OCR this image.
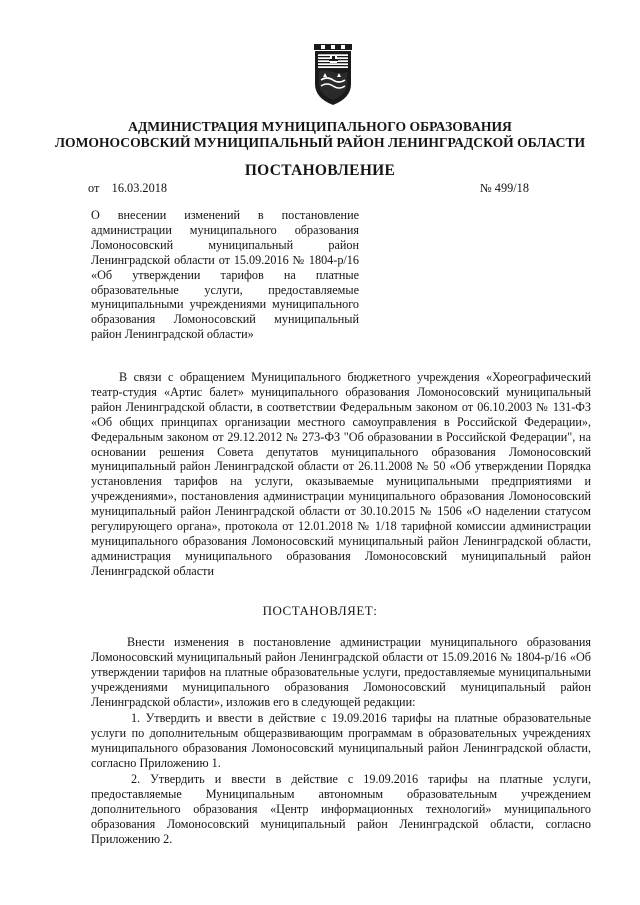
АДМИНИСТРАЦИЯ МУНИЦИПАЛЬНОГО ОБРАЗОВАНИЯ
ЛОМОНОСОВСКИЙ МУНИЦИПАЛЬНЫЙ РАЙОН ЛЕНИНГРАДСКОЙ ОБЛАСТИ
ПОСТАНОВЛЕНИЕ
от 16.03.2018	№ 499/18
О внесении изменений в постановление администрации муниципального образования Ломоносовский муниципальный район Ленинградской области от 15.09.2016 № 1804-р/16 «Об утверждении тарифов на платные образовательные услуги, предоставляемые муниципальными учреждениями муниципального образования Ломоносовский муниципальный район Ленинградской области»
В связи с обращением Муниципального бюджетного учреждения «Хореографический театр-студия «Артис балет» муниципального образования Ломоносовский муниципальный район Ленинградской области, в соответствии Федеральным законом от 06.10.2003 № 131-ФЗ «Об общих принципах организации местного самоуправления в Российской Федерации», Федеральным законом от 29.12.2012 № 273-ФЗ "Об образовании в Российской Федерации", на основании решения Совета депутатов муниципального образования Ломоносовский муниципальный район Ленинградской области от 26.11.2008 № 50 «Об утверждении Порядка установления тарифов на услуги, оказываемые муниципальными предприятиями и учреждениями», постановления администрации муниципального образования Ломоносовский муниципальный район Ленинградской области от 30.10.2015 № 1506 «О наделении статусом регулирующего органа», протокола от 12.01.2018 № 1/18 тарифной комиссии администрации муниципального образования Ломоносовский муниципальный район Ленинградской области, администрация муниципального образования Ломоносовский муниципальный район Ленинградской области
ПОСТАНОВЛЯЕТ:
Внести изменения в постановление администрации муниципального образования Ломоносовский муниципальный район Ленинградской области от 15.09.2016 № 1804-р/16 «Об утверждении тарифов на платные образовательные услуги, предоставляемые муниципальными учреждениями муниципального образования Ломоносовский муниципальный район Ленинградской области», изложив его в следующей редакции:
1. Утвердить и ввести в действие с 19.09.2016 тарифы на платные образовательные услуги по дополнительным общеразвивающим программам в образовательных учреждениях муниципального образования Ломоносовский муниципальный район Ленинградской области, согласно Приложению 1.
2. Утвердить и ввести в действие с 19.09.2016 тарифы на платные услуги, предоставляемые Муниципальным автономным образовательным учреждением дополнительного образования «Центр информационных технологий» муниципального образования Ломоносовский муниципальный район Ленинградской области, согласно Приложению 2.
